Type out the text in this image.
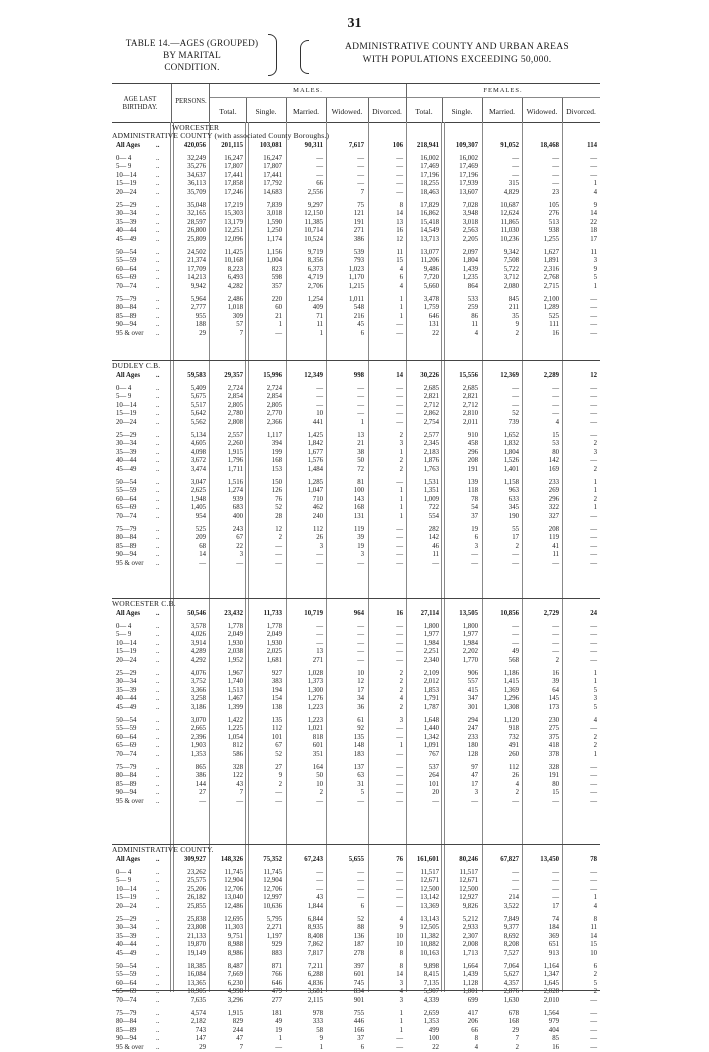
31
TABLE 14.—AGES (GROUPED)
BY MARITAL
CONDITION.
ADMINISTRATIVE COUNTY AND URBAN AREAS
WITH POPULATIONS EXCEEDING 50,000.
AGE LAST BIRTHDAY.
PERSONS.
MALES.	FEMALES.
Total.	Single.	Married.	Widowed.	Divorced.	Total.	Single.	Married.	Widowed.	Divorced.
WORCESTER
ADMINISTRATIVE COUNTY (with associated County Boroughs.)
All Ages	..	420,056	201,115	103,081	90,311	7,617	106	218,941	109,307	91,052	18,468	114
0— 4	..	32,249	16,247	16,247	—	—	—	16,002	16,002	—	—	—
5— 9	..	35,276	17,807	17,807	—	—	—	17,469	17,469	—	—	—
10—14	..	34,637	17,441	17,441	—	—	—	17,196	17,196	—	—	—
15—19	..	36,113	17,858	17,792	66	—	—	18,255	17,939	315	—	1
20—24	..	35,709	17,246	14,683	2,556	7	—	18,463	13,607	4,829	23	4
25—29	..	35,048	17,219	7,839	9,297	75	8	17,829	7,028	10,687	105	9
30—34	..	32,165	15,303	3,018	12,150	121	14	16,862	3,948	12,624	276	14
35—39	..	28,597	13,179	1,590	11,385	191	13	15,418	3,018	11,865	513	22
40—44	..	26,800	12,251	1,250	10,714	271	16	14,549	2,563	11,030	938	18
45—49	..	25,809	12,096	1,174	10,524	386	12	13,713	2,205	10,236	1,255	17
50—54	..	24,502	11,425	1,156	9,719	539	11	13,077	2,097	9,342	1,627	11
55—59	..	21,374	10,168	1,004	8,356	793	15	11,206	1,804	7,508	1,891	3
60—64	..	17,709	8,223	823	6,373	1,023	4	9,486	1,439	5,722	2,316	9
65—69	..	14,213	6,493	598	4,719	1,170	6	7,720	1,235	3,712	2,768	5
70—74	..	9,942	4,282	357	2,706	1,215	4	5,660	864	2,080	2,715	1
75—79	..	5,964	2,486	220	1,254	1,011	1	3,478	533	845	2,100	—
80—84	..	2,777	1,018	60	409	548	1	1,759	259	211	1,289	—
85—89	..	955	309	21	71	216	1	646	86	35	525	—
90—94	..	188	57	1	11	45	—	131	11	9	111	—
95 & over	..	29	7	—	1	6	—	22	4	2	16	—
DUDLEY C.B.
All Ages	..	59,583	29,357	15,996	12,349	998	14	30,226	15,556	12,369	2,289	12
0— 4	..	5,409	2,724	2,724	—	—	—	2,685	2,685	—	—	—
5— 9	..	5,675	2,854	2,854	—	—	—	2,821	2,821	—	—	—
10—14	..	5,517	2,805	2,805	—	—	—	2,712	2,712	—	—	—
15—19	..	5,642	2,780	2,770	10	—	—	2,862	2,810	52	—	—
20—24	..	5,562	2,808	2,366	441	1	—	2,754	2,011	739	4	—
25—29	..	5,134	2,557	1,117	1,425	13	2	2,577	910	1,652	15	—
30—34	..	4,605	2,260	394	1,842	21	3	2,345	458	1,832	53	2
35—39	..	4,098	1,915	199	1,677	38	1	2,183	296	1,804	80	3
40—44	..	3,672	1,796	168	1,576	50	2	1,876	208	1,526	142	—
45—49	..	3,474	1,711	153	1,484	72	2	1,763	191	1,401	169	2
50—54	..	3,047	1,516	150	1,285	81	—	1,531	139	1,158	233	1
55—59	..	2,625	1,274	126	1,047	100	1	1,351	118	963	269	1
60—64	..	1,948	939	76	710	143	1	1,009	78	633	296	2
65—69	..	1,405	683	52	462	168	1	722	54	345	322	1
70—74	..	954	400	28	240	131	1	554	37	190	327	—
75—79	..	525	243	12	112	119	—	282	19	55	208	—
80—84	..	209	67	2	26	39	—	142	6	17	119	—
85—89	..	68	22	—	3	19	—	46	3	2	41	—
90—94	..	14	3	—	—	3	—	11	—	—	11	—
95 & over	..	—	—	—	—	—	—	—	—	—	—	—
WORCESTER C.B.
All Ages	..	50,546	23,432	11,733	10,719	964	16	27,114	13,505	10,856	2,729	24
0— 4	..	3,578	1,778	1,778	—	—	—	1,800	1,800	—	—	—
5— 9	..	4,026	2,049	2,049	—	—	—	1,977	1,977	—	—	—
10—14	..	3,914	1,930	1,930	—	—	—	1,984	1,984	—	—	—
15—19	..	4,289	2,038	2,025	13	—	—	2,251	2,202	49	—	—
20—24	..	4,292	1,952	1,681	271	—	—	2,340	1,770	568	2	—
25—29	..	4,076	1,967	927	1,028	10	2	2,109	906	1,186	16	1
30—34	..	3,752	1,740	383	1,373	12	2	2,012	557	1,415	39	1
35—39	..	3,366	1,513	194	1,300	17	2	1,853	415	1,369	64	5
40—44	..	3,258	1,467	154	1,276	34	4	1,791	347	1,296	145	3
45—49	..	3,186	1,399	138	1,223	36	2	1,787	301	1,308	173	5
50—54	..	3,070	1,422	135	1,223	61	3	1,648	294	1,120	230	4
55—59	..	2,665	1,225	112	1,021	92	—	1,440	247	918	275	—
60—64	..	2,396	1,054	101	818	135	—	1,342	233	732	375	2
65—69	..	1,903	812	67	601	148	1	1,091	180	491	418	2
70—74	..	1,353	586	52	351	183	—	767	128	260	378	1
75—79	..	865	328	27	164	137	—	537	97	112	328	—
80—84	..	386	122	9	50	63	—	264	47	26	191	—
85—89	..	144	43	2	10	31	—	101	17	4	80	—
90—94	..	27	7	—	2	5	—	20	3	2	15	—
95 & over	..	—	—	—	—	—	—	—	—	—	—	—
ADMINISTRATIVE COUNTY.
All Ages	..	309,927	148,326	75,352	67,243	5,655	76	161,601	80,246	67,827	13,450	78
0— 4	..	23,262	11,745	11,745	—	—	—	11,517	11,517	—	—	—
5— 9	..	25,575	12,904	12,904	—	—	—	12,671	12,671	—	—	—
10—14	..	25,206	12,706	12,706	—	—	—	12,500	12,500	—	—	—
15—19	..	26,182	13,040	12,997	43	—	—	13,142	12,927	214	—	1
20—24	..	25,855	12,486	10,636	1,844	6	—	13,369	9,826	3,522	17	4
25—29	..	25,838	12,695	5,795	6,844	52	4	13,143	5,212	7,849	74	8
30—34	..	23,808	11,303	2,271	8,935	88	9	12,505	2,933	9,377	184	11
35—39	..	21,133	9,751	1,197	8,408	136	10	11,382	2,307	8,692	369	14
40—44	..	19,870	8,988	929	7,862	187	10	10,882	2,008	8,208	651	15
45—49	..	19,149	8,986	883	7,817	278	8	10,163	1,713	7,527	913	10
50—54	..	18,385	8,487	871	7,211	397	8	9,898	1,664	7,064	1,164	6
55—59	..	16,084	7,669	766	6,288	601	14	8,415	1,439	5,627	1,347	2
60—64	..	13,365	6,230	646	4,836	745	3	7,135	1,128	4,357	1,645	5
65—69	..	10,905	4,998	479	3,681	834	4	5,907	1,001	2,876	2,028	2
70—74	..	7,635	3,296	277	2,115	901	3	4,339	699	1,630	2,010	—
75—79	..	4,574	1,915	181	978	755	1	2,659	417	678	1,564	—
80—84	..	2,182	829	49	333	446	1	1,353	206	168	979	—
85—89	..	743	244	19	58	166	1	499	66	29	404	—
90—94	..	147	47	1	9	37	—	100	8	7	85	—
95 & over	..	29	7	—	1	6	—	22	4	2	16	—
